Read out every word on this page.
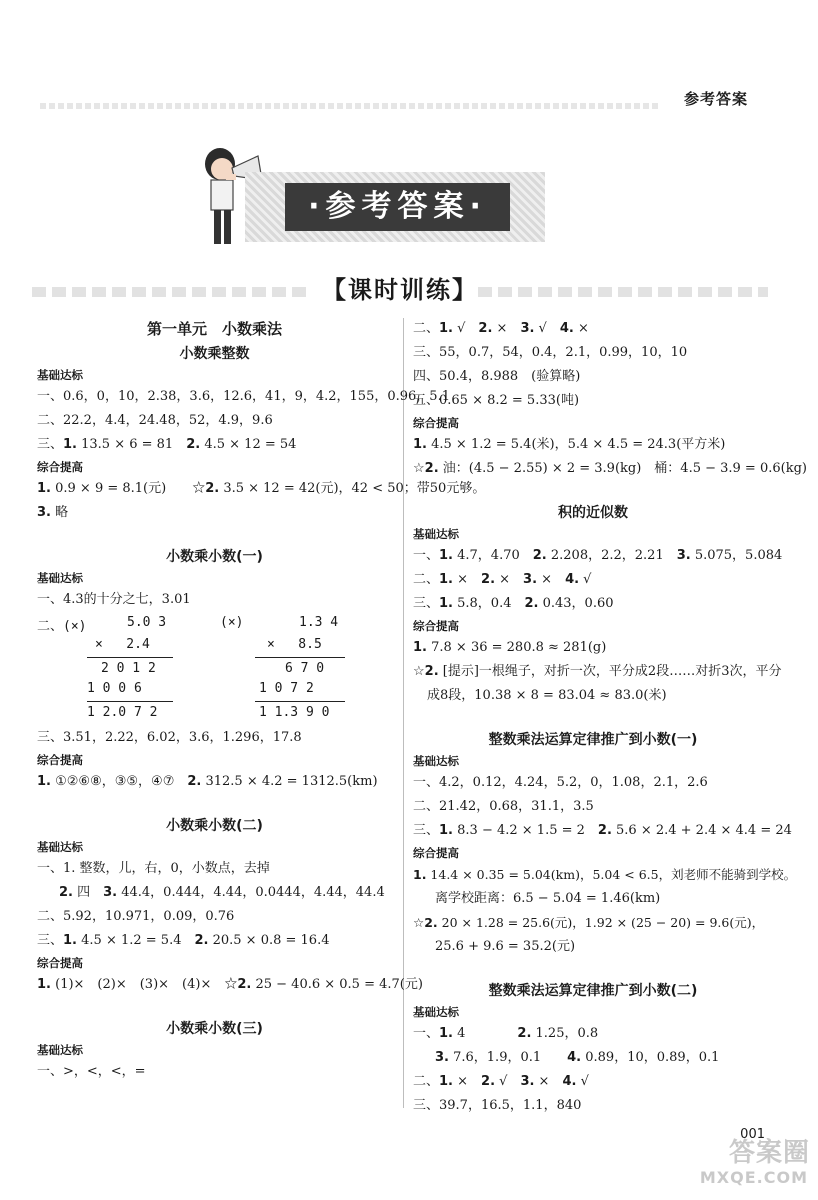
参考答案
·参考答案·
【课时训练】
第一单元　小数乘法
小数乘整数
基础达标
一、0.6，0，10，2.38，3.6，12.6，41，9，4.2，155，0.96，5.1
二、22.2，4.4，24.48，52，4.9，9.6
三、1. 13.5 × 6 = 81　2. 4.5 × 12 = 54
综合提高
1. 0.9 × 9 = 8.1(元)　　☆2. 3.5 × 12 = 42(元)，42 < 50；带50元够。
3. 略
小数乘小数(一)
基础达标
一、4.3的十分之七，3.01
二、(×)	5.0 3
×   2.4
2 0 1 2
1 0 0 6
1 2.0 7 2
(×)	1.3 4
×   8.5
6 7 0
1 0 7 2
1 1.3 9 0
三、3.51，2.22，6.02，3.6，1.296，17.8
综合提高
1. ①②⑥⑧，③⑤，④⑦　2. 312.5 × 4.2 = 1312.5(km)
小数乘小数(二)
基础达标
一、1. 整数，儿，右，0，小数点，去掉
2. 四　3. 44.4，0.444，4.44，0.0444，4.44，44.4
二、5.92，10.971，0.09，0.76
三、1. 4.5 × 1.2 = 5.4　2. 20.5 × 0.8 = 16.4
综合提高
1. (1)×　(2)×　(3)×　(4)×　☆2. 25 − 40.6 × 0.5 = 4.7(元)
小数乘小数(三)
基础达标
一、>，<，<，=
二、1. √　2. ×　3. √　4. ×
三、55，0.7，54，0.4，2.1，0.99，10，10
四、50.4，8.988　(验算略)
五、0.65 × 8.2 = 5.33(吨)
综合提高
1. 4.5 × 1.2 = 5.4(米)，5.4 × 4.5 = 24.3(平方米)
☆2. 油：(4.5 − 2.55) × 2 = 3.9(kg)　桶：4.5 − 3.9 = 0.6(kg)
积的近似数
基础达标
一、1. 4.7，4.70　2. 2.208，2.2，2.21　3. 5.075，5.084
二、1. ×　2. ×　3. ×　4. √
三、1. 5.8，0.4　2. 0.43，0.60
综合提高
1. 7.8 × 36 = 280.8 ≈ 281(g)
☆2. [提示]一根绳子，对折一次，平分成2段……对折3次，平分
成8段，10.38 × 8 = 83.04 ≈ 83.0(米)
整数乘法运算定律推广到小数(一)
基础达标
一、4.2，0.12，4.24，5.2，0，1.08，2.1，2.6
二、21.42，0.68，31.1，3.5
三、1. 8.3 − 4.2 × 1.5 = 2　2. 5.6 × 2.4 + 2.4 × 4.4 = 24
综合提高
1. 14.4 × 0.35 = 5.04(km)，5.04 < 6.5，刘老师不能骑到学校。
离学校距离：6.5 − 5.04 = 1.46(km)
☆2. 20 × 1.28 = 25.6(元)，1.92 × (25 − 20) = 9.6(元)，
25.6 + 9.6 = 35.2(元)
整数乘法运算定律推广到小数(二)
基础达标
一、1. 4　　　　2. 1.25，0.8
3. 7.6，1.9，0.1　　4. 0.89，10，0.89，0.1
二、1. ×　2. √　3. ×　4. √
三、39.7，16.5，1.1，840
001
答案圈
MXQE.COM
